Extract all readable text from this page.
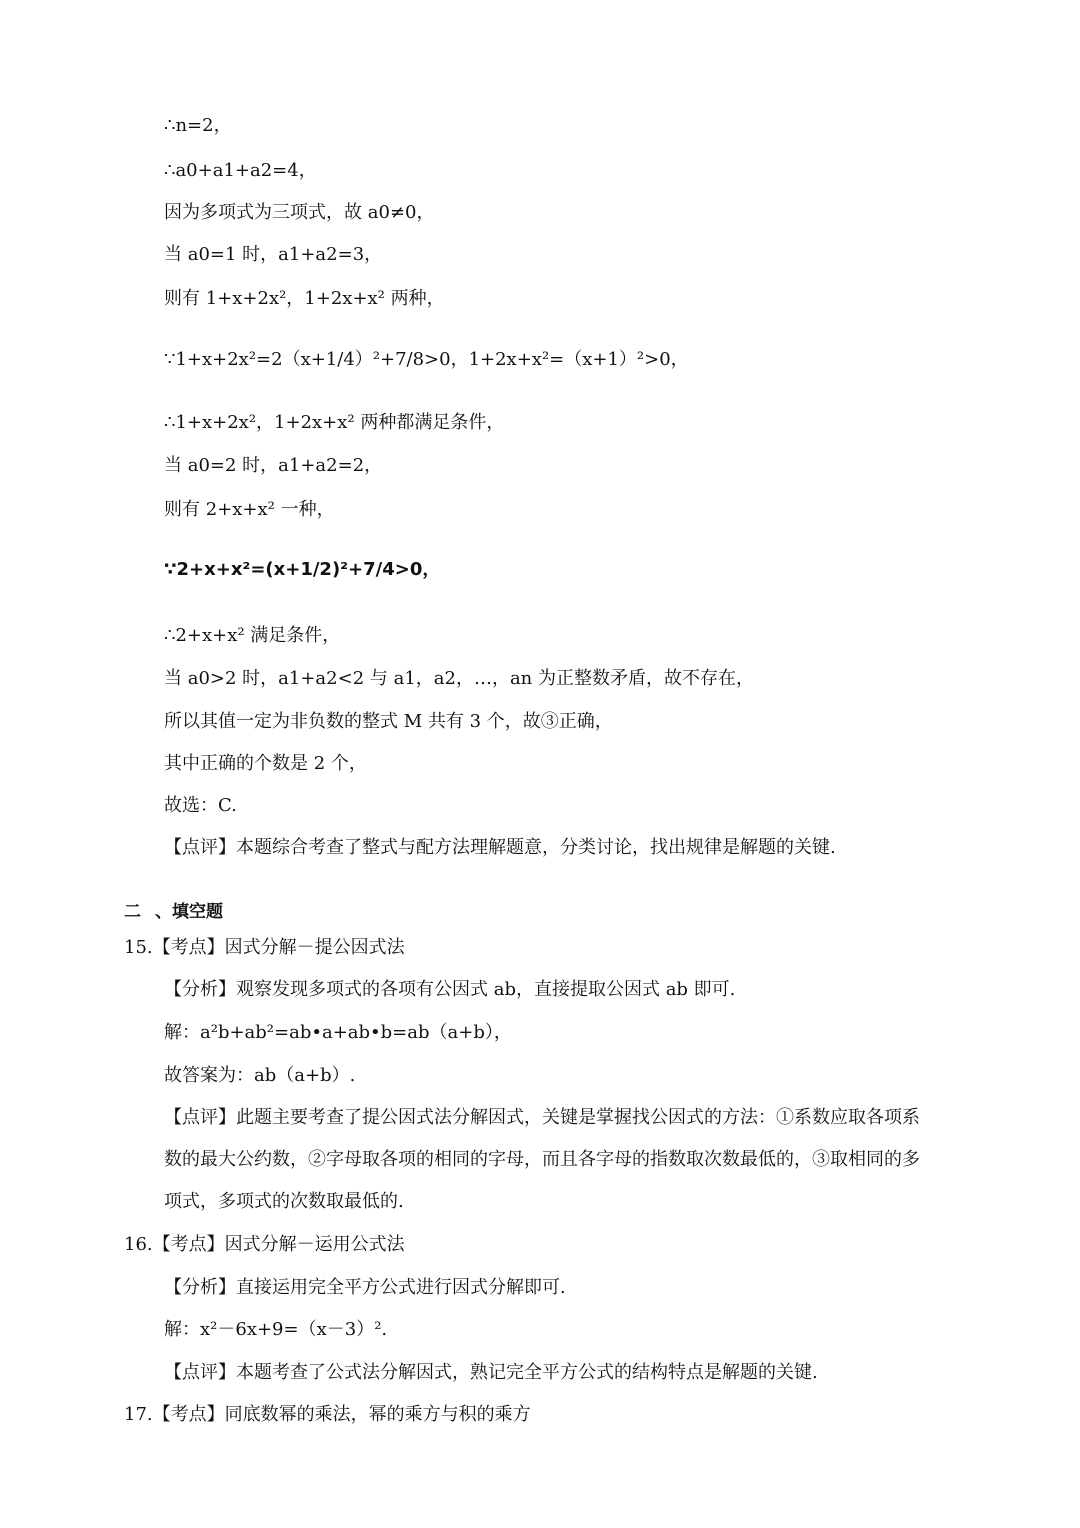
∴n=2，
∴a0+a1+a2=4，
因为多项式为三项式，故 a0≠0，
当 a0=1 时，a1+a2=3，
则有 1+x+2x²，1+2x+x² 两种，
∵1+x+2x²=2（x+1/4）²+7/8>0，1+2x+x²=（x+1）²>0，
∴1+x+2x²，1+2x+x² 两种都满足条件，
当 a0=2 时，a1+a2=2，
则有 2+x+x² 一种，
∵2+x+x²=(x+1/2)²+7/4>0，
∴2+x+x² 满足条件，
当 a0>2 时，a1+a2<2 与 a1，a2，…，an 为正整数矛盾，故不存在，
所以其值一定为非负数的整式 M 共有 3 个，故③正确，
其中正确的个数是 2 个，
故选：C.
【点评】本题综合考查了整式与配方法理解题意，分类讨论，找出规律是解题的关键.
二 、填空题
15.【考点】因式分解－提公因式法
【分析】观察发现多项式的各项有公因式 ab，直接提取公因式 ab 即可.
解：a²b+ab²=ab•a+ab•b=ab（a+b），
故答案为：ab（a+b）.
【点评】此题主要考查了提公因式法分解因式，关键是掌握找公因式的方法：①系数应取各项系
数的最大公约数，②字母取各项的相同的字母，而且各字母的指数取次数最低的，③取相同的多
项式，多项式的次数取最低的.
16.【考点】因式分解－运用公式法
【分析】直接运用完全平方公式进行因式分解即可.
解：x²－6x+9=（x－3）².
【点评】本题考查了公式法分解因式，熟记完全平方公式的结构特点是解题的关键.
17.【考点】同底数幂的乘法，幂的乘方与积的乘方
